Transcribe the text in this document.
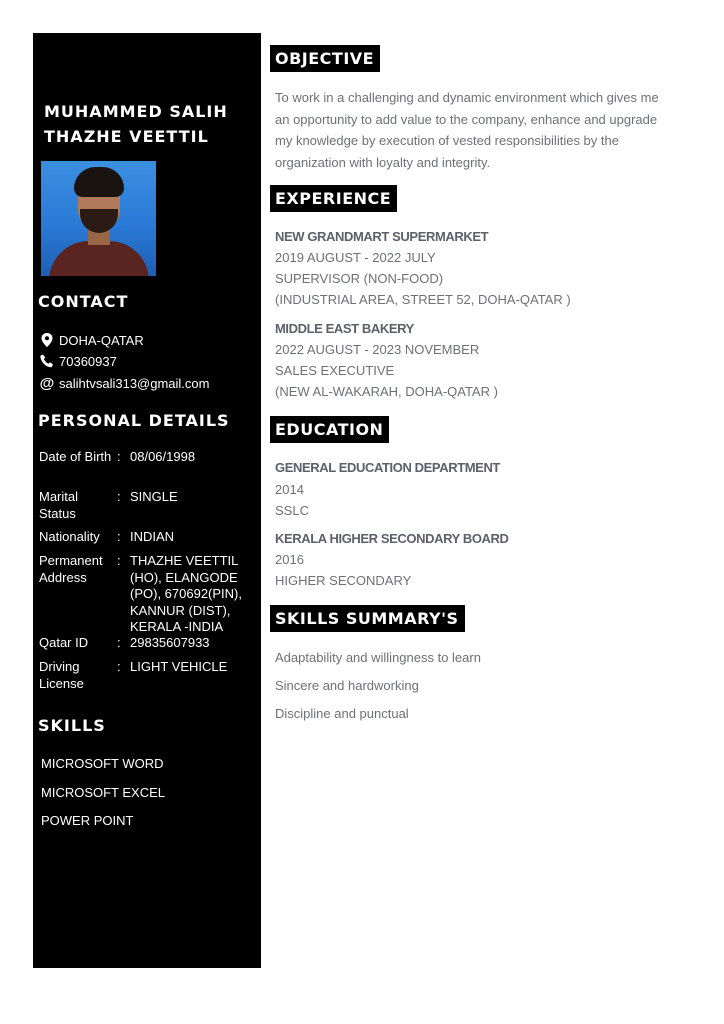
MUHAMMED SALIH
THAZHE VEETTIL
CONTACT
DOHA-QATAR
70360937
@ salihtvsali313@gmail.com
PERSONAL DETAILS
Date of Birth : 08/06/1998
Marital Status
: SINGLE
Nationality	: INDIAN
Permanent Address
: THAZHE VEETTIL (HO), ELANGODE (PO), 670692(PIN), KANNUR (DIST), KERALA -INDIA
Qatar ID	: 29835607933
Driving License
: LIGHT VEHICLE
SKILLS
MICROSOFT WORD
MICROSOFT EXCEL
POWER POINT
OBJECTIVE
To work in a challenging and dynamic environment which gives me an opportunity to add value to the company, enhance and upgrade my knowledge by execution of vested responsibilities by the organization with loyalty and integrity.
EXPERIENCE
NEW GRANDMART SUPERMARKET
2019 AUGUST - 2022 JULY
SUPERVISOR (NON-FOOD)
(INDUSTRIAL AREA, STREET 52, DOHA-QATAR )
MIDDLE EAST BAKERY
2022 AUGUST - 2023 NOVEMBER
SALES EXECUTIVE
(NEW AL-WAKARAH, DOHA-QATAR )
EDUCATION
GENERAL EDUCATION DEPARTMENT
2014
SSLC
KERALA HIGHER SECONDARY BOARD
2016
HIGHER SECONDARY
SKILLS SUMMARY'S
Adaptability and willingness to learn
Sincere and hardworking
Discipline and punctual
